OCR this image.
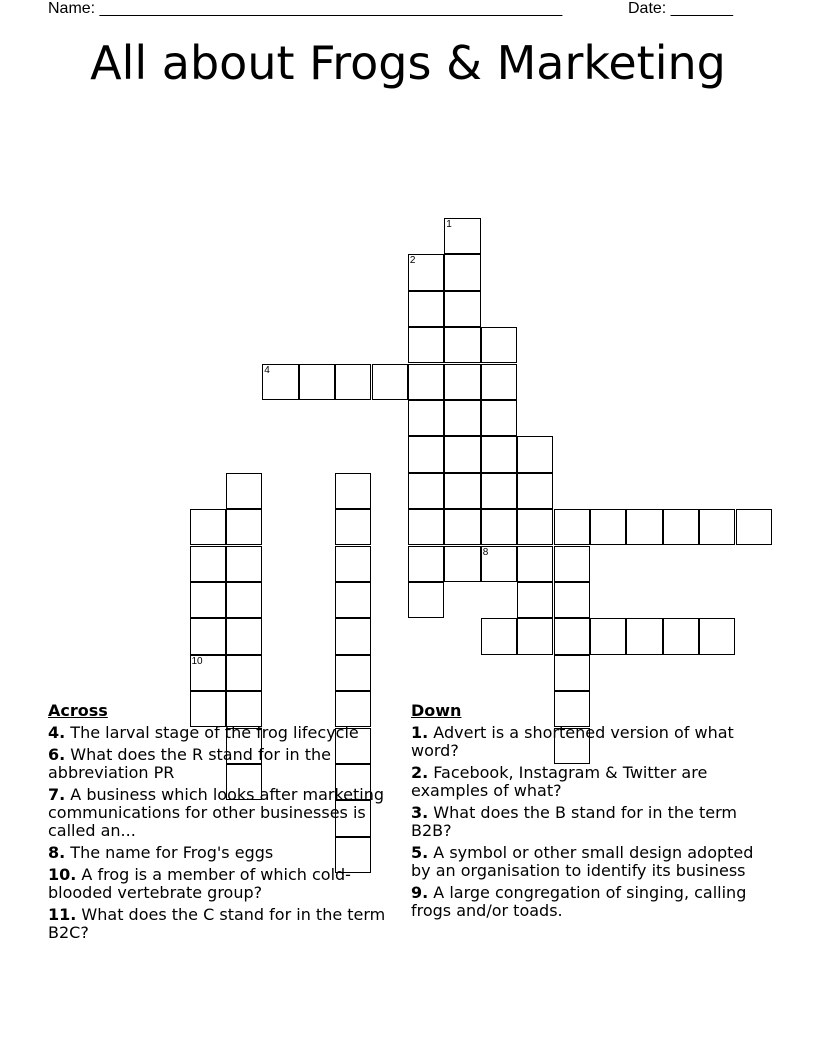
Name: ____________________________________________________	Date: _______
All about Frogs & Marketing
1
2
8
4
10
Across
4. The larval stage of the frog lifecycle
6. What does the R stand for in the abbreviation PR
7. A business which looks after marketing communications for other businesses is called an...
8. The name for Frog's eggs
10. A frog is a member of which cold-blooded vertebrate group?
11. What does the C stand for in the term B2C?
Down
1. Advert is a shortened version of what word?
2. Facebook, Instagram & Twitter are examples of what?
3. What does the B stand for in the term B2B?
5. A symbol or other small design adopted by an organisation to identify its business
9. A large congregation of singing, calling frogs and/or toads.
